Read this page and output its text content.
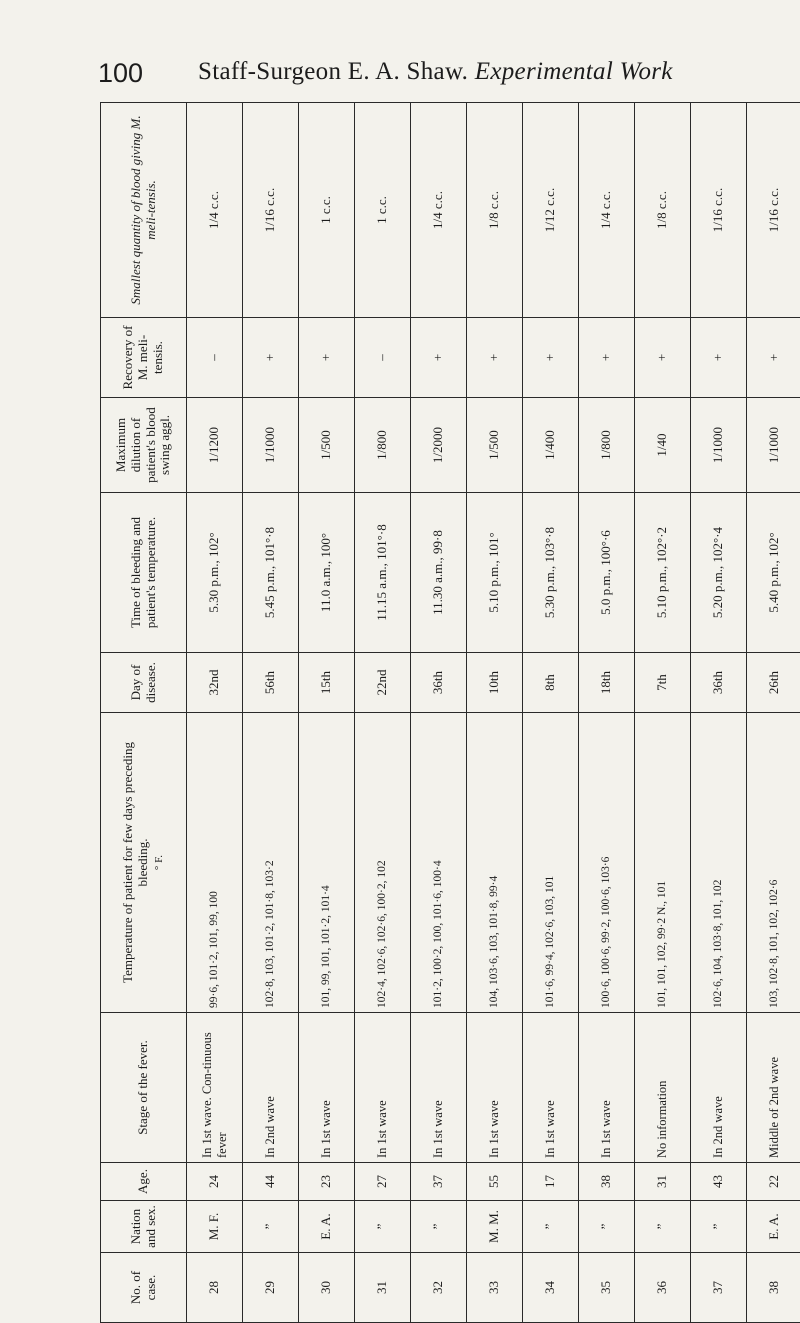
100 Staff-Surgeon E. A. Shaw. Experimental Work
No. of case.	Nation and sex.	Age.	Stage of the fever.	Temperature of patient for few days preceding bleeding. ° F.	Day of disease.	Time of bleeding and patient's temperature.	Maximum dilution of patient's blood swing aggl.	Recovery of M. meli-tensis.	Smallest quantity of blood giving M. meli-tensis.
28	M. F.	24	In 1st wave. Con-tinuous fever	99·6, 101·2, 101, 99, 100	32nd	5.30 p.m., 102°	1/1200	–	1/4 c.c.
29	”	44	In 2nd wave	102·8, 103, 101·2, 101·8, 103·2	56th	5.45 p.m., 101°·8	1/1000	+	1/16 c.c.
30	E. A.	23	In 1st wave	101, 99, 101, 101·2, 101·4	15th	11.0 a.m., 100°	1/500	+	1 c.c.
31	”	27	In 1st wave	102·4, 102·6, 102·6, 100·2, 102	22nd	11.15 a.m., 101°·8	1/800	–	1 c.c.
32	”	37	In 1st wave	101·2, 100·2, 100, 101·6, 100·4	36th	11.30 a.m., 99·8	1/2000	+	1/4 c.c.
33	M. M.	55	In 1st wave	104, 103·6, 103, 101·8, 99·4	10th	5.10 p.m., 101°	1/500	+	1/8 c.c.
34	”	17	In 1st wave	101·6, 99·4, 102·6, 103, 101	8th	5.30 p.m., 103°·8	1/400	+	1/12 c.c.
35	”	38	In 1st wave	100·6, 100·6, 99·2, 100·6, 103·6	18th	5.0 p.m., 100°·6	1/800	+	1/4 c.c.
36	”	31	No information	101, 101, 102, 99·2 N., 101	7th	5.10 p.m., 102°·2	1/40	+	1/8 c.c.
37	”	43	In 2nd wave	102·6, 104, 103·8, 101, 102	36th	5.20 p.m., 102°·4	1/1000	+	1/16 c.c.
38	E. A.	22	Middle of 2nd wave	103, 102·8, 101, 102, 102·6	26th	5.40 p.m., 102°	1/1000	+	1/16 c.c.
